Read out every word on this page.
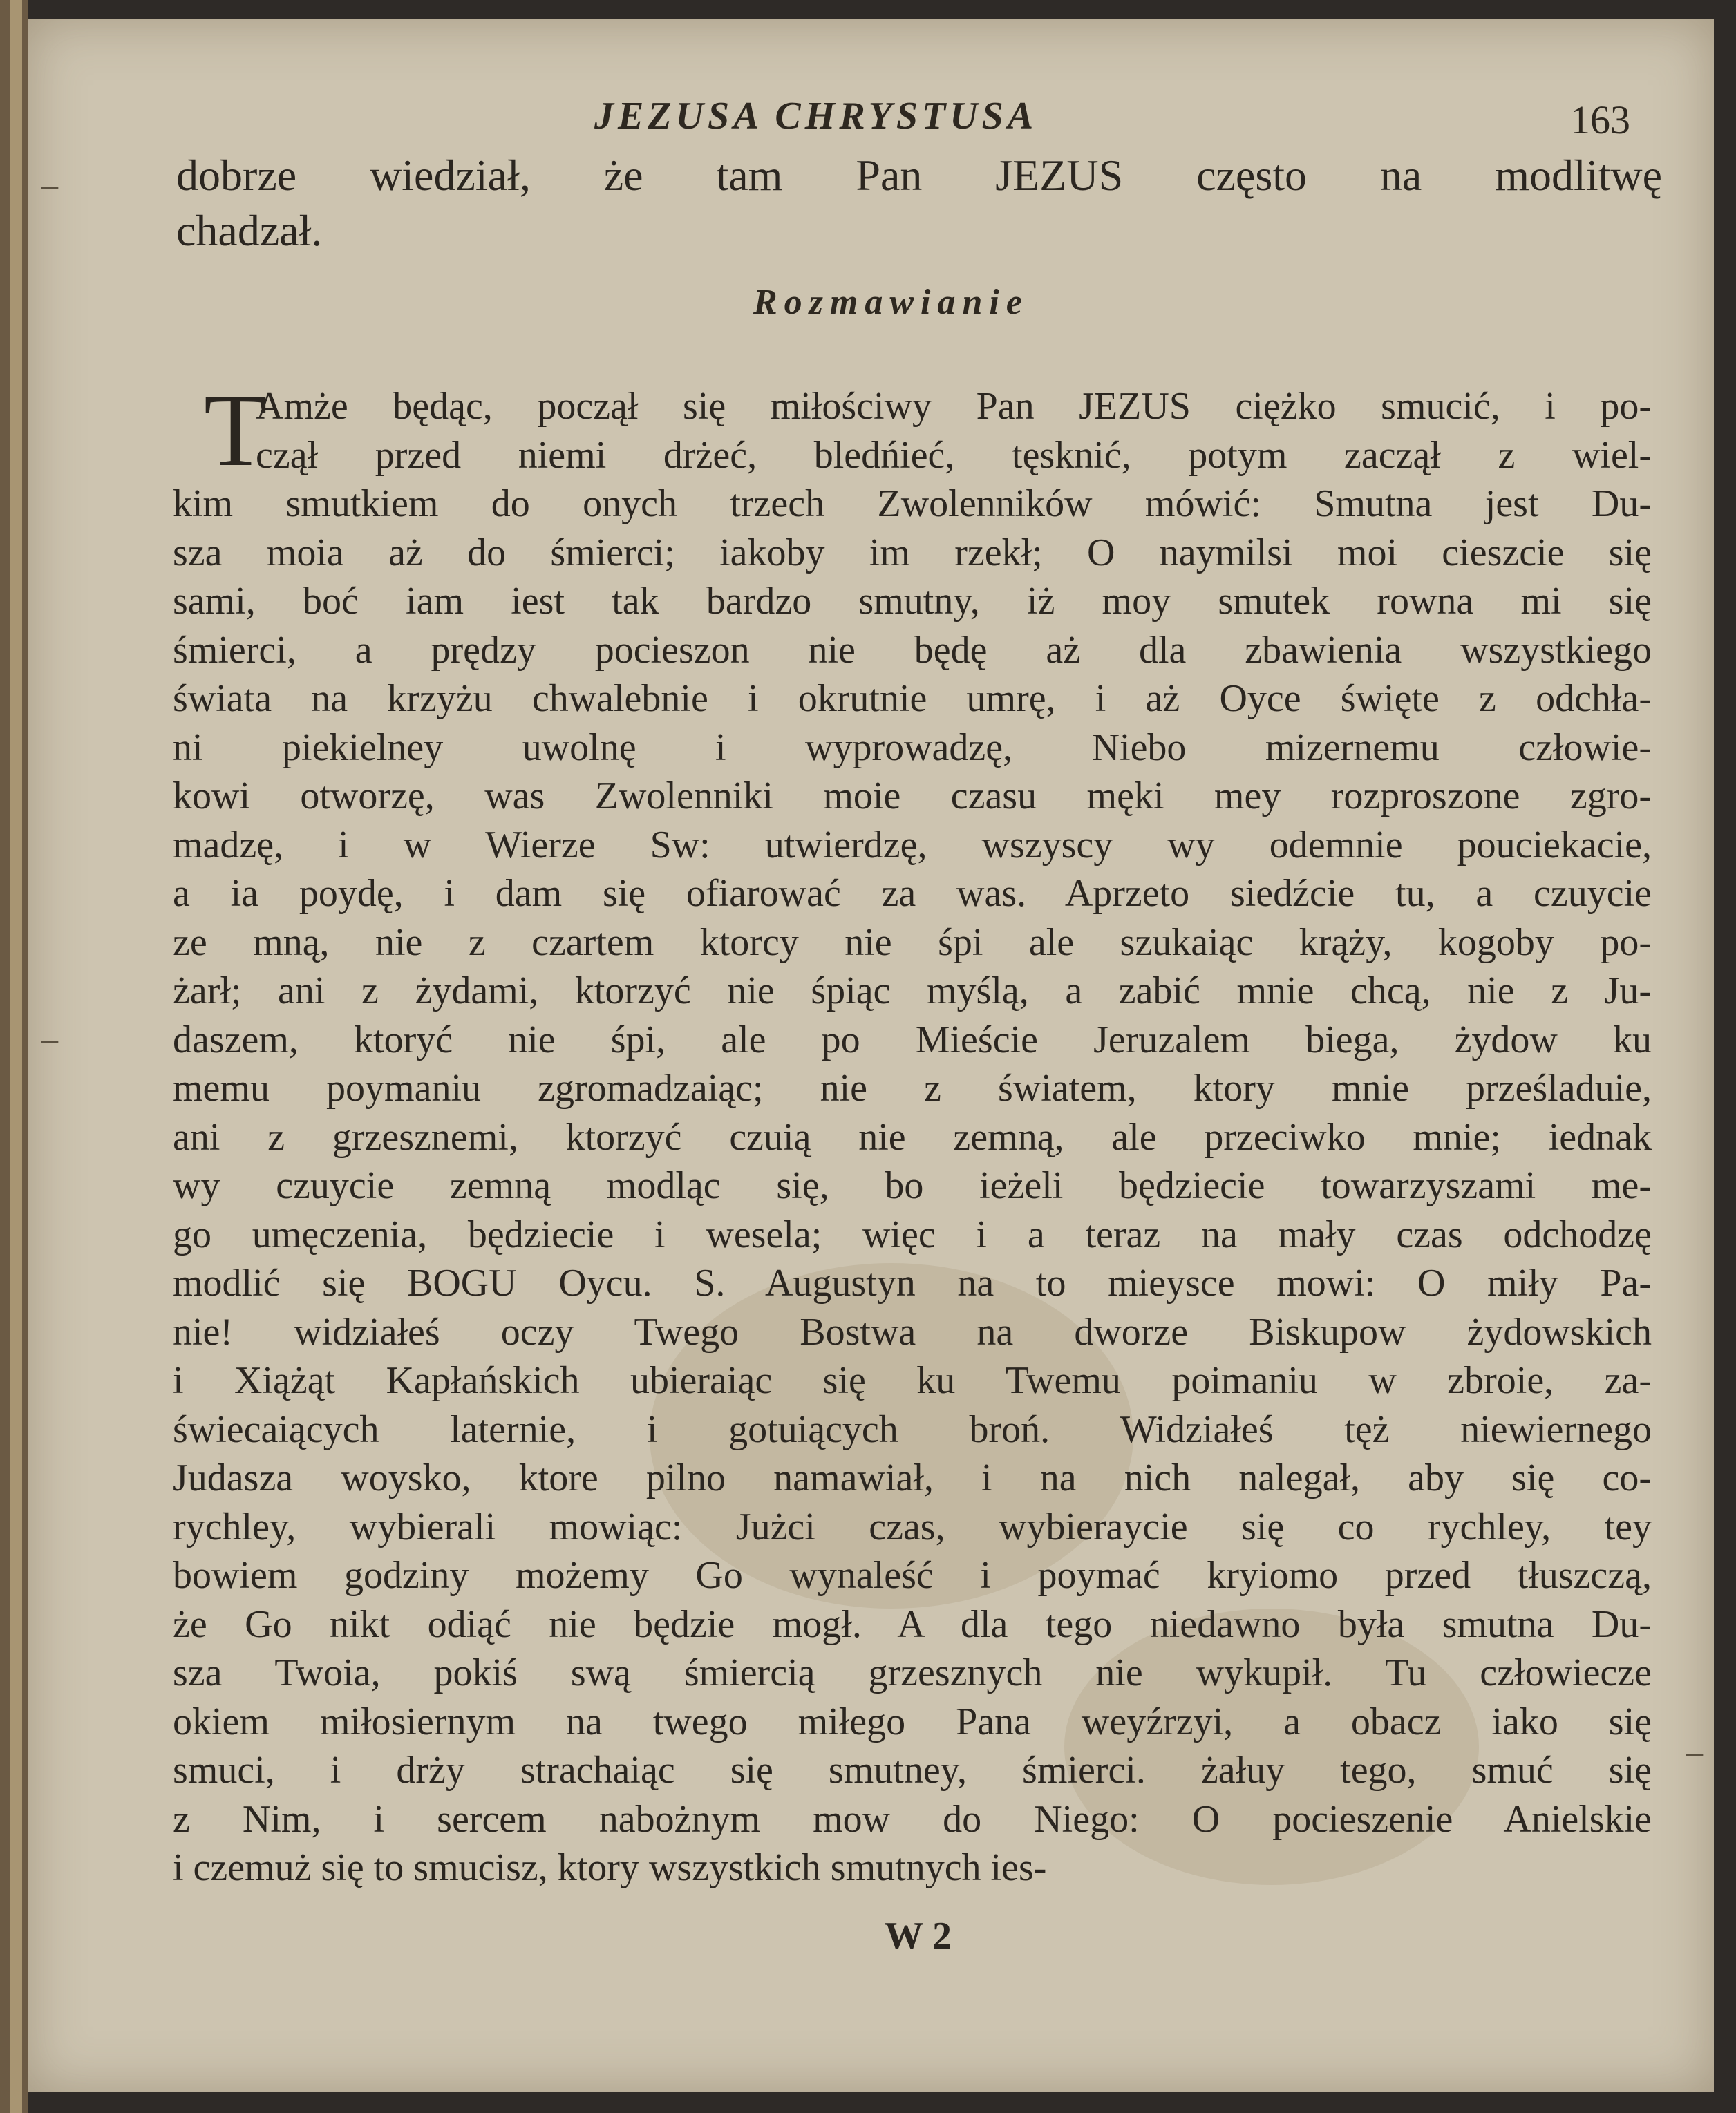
–
–
–
JEZUSA CHRYSTUSA	163
dobrze wiedział, że tam Pan JEZUS często na modlitwę
chadzał.
Rozmawianie
T
Amże będąc, począł się miłościwy Pan JEZUS ciężko smucić, i po-
czął przed niemi drżeć, bledńieć, tęsknić, potym zaczął z wiel-
kim smutkiem do onych trzech Zwolenników mówić: Smutna jest Du-
sza moia aż do śmierci; iakoby im rzekł; O naymilsi moi cieszcie się
sami, boć iam iest tak bardzo smutny, iż moy smutek rowna mi się
śmierci, a prędzy pocieszon nie będę aż dla zbawienia wszystkiego
świata na krzyżu chwalebnie i okrutnie umrę, i aż Oyce święte z odchła-
ni piekielney uwolnę i wyprowadzę, Niebo mizernemu człowie-
kowi otworzę, was Zwolenniki moie czasu męki mey rozproszone zgro-
madzę, i w Wierze Sw: utwierdzę, wszyscy wy odemnie pouciekacie,
a ia poydę, i dam się ofiarować za was. Aprzeto siedźcie tu, a czuycie
ze mną, nie z czartem ktorcy nie śpi ale szukaiąc krąży, kogoby po-
żarł; ani z żydami, ktorzyć nie śpiąc myślą, a zabić mnie chcą, nie z Ju-
daszem, ktoryć nie śpi, ale po Mieście Jeruzalem biega, żydow ku
memu poymaniu zgromadzaiąc; nie z światem, ktory mnie prześladuie,
ani z grzesznemi, ktorzyć czuią nie zemną, ale przeciwko mnie; iednak
wy czuycie zemną modląc się, bo ieżeli będziecie towarzyszami me-
go umęczenia, będziecie i wesela; więc i a teraz na mały czas odchodzę
modlić się BOGU Oycu. S. Augustyn na to mieysce mowi: O miły Pa-
nie! widziałeś oczy Twego Bostwa na dworze Biskupow żydowskich
i Xiążąt Kapłańskich ubieraiąc się ku Twemu poimaniu w zbroie, za-
świecaiących laternie, i gotuiących broń. Widziałeś tęż niewiernego
Judasza woysko, ktore pilno namawiał, i na nich nalegał, aby się co-
rychley, wybierali mowiąc: Jużci czas, wybieraycie się co rychley, tey
bowiem godziny możemy Go wynaleść i poymać kryiomo przed tłuszczą,
że Go nikt odiąć nie będzie mogł. A dla tego niedawno była smutna Du-
sza Twoia, pokiś swą śmiercią grzesznych nie wykupił. Tu człowiecze
okiem miłosiernym na twego miłego Pana weyźrzyi, a obacz iako się
smuci, i drży strachaiąc się smutney, śmierci. żałuy tego, smuć się
z Nim, i sercem nabożnym mow do Niego: O pocieszenie Anielskie
i czemuż się to smucisz, ktory wszystkich smutnych ies-
W 2
